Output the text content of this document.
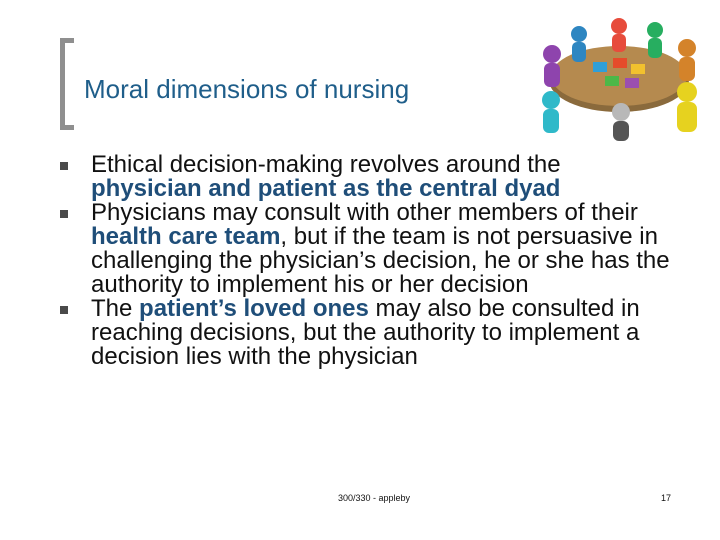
Moral dimensions of nursing
Ethical decision-making revolves around the physician and patient as the central dyad
Physicians may consult with other members of their health care team, but if the team is not persuasive in challenging the physician’s decision, he or she has the authority to implement his or her decision
The patient’s loved ones may also be consulted in reaching decisions, but the authority to implement a decision lies with the physician
300/330 - appleby	17
